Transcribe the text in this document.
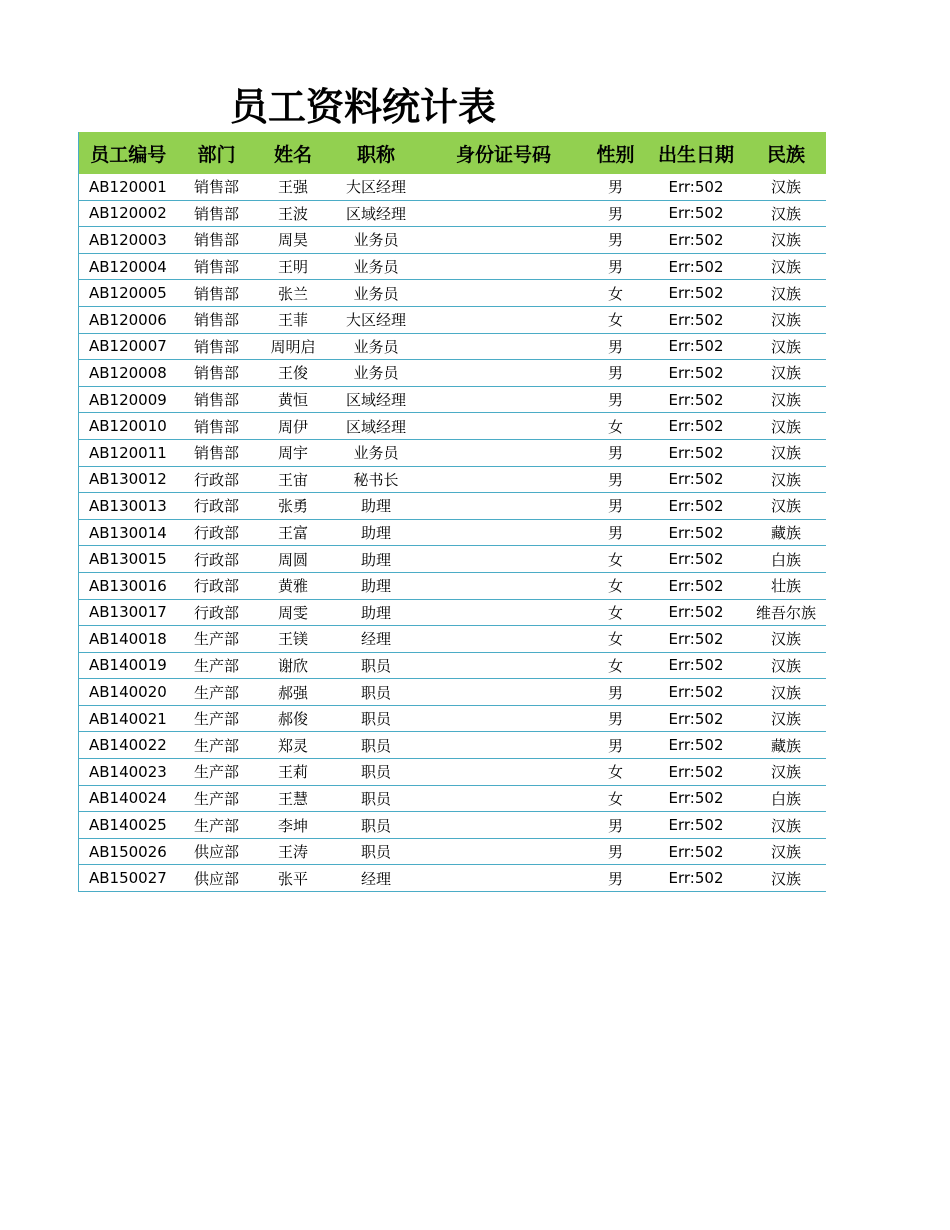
员工资料统计表
员工编号	部门	姓名	职称	身份证号码	性别	出生日期	民族
AB120001	销售部	王强	大区经理		男	Err:502	汉族
AB120002	销售部	王波	区域经理		男	Err:502	汉族
AB120003	销售部	周昊	业务员		男	Err:502	汉族
AB120004	销售部	王明	业务员		男	Err:502	汉族
AB120005	销售部	张兰	业务员		女	Err:502	汉族
AB120006	销售部	王菲	大区经理		女	Err:502	汉族
AB120007	销售部	周明启	业务员		男	Err:502	汉族
AB120008	销售部	王俊	业务员		男	Err:502	汉族
AB120009	销售部	黄恒	区域经理		男	Err:502	汉族
AB120010	销售部	周伊	区域经理		女	Err:502	汉族
AB120011	销售部	周宇	业务员		男	Err:502	汉族
AB130012	行政部	王宙	秘书长		男	Err:502	汉族
AB130013	行政部	张勇	助理		男	Err:502	汉族
AB130014	行政部	王富	助理		男	Err:502	藏族
AB130015	行政部	周圆	助理		女	Err:502	白族
AB130016	行政部	黄雅	助理		女	Err:502	壮族
AB130017	行政部	周雯	助理		女	Err:502	维吾尔族
AB140018	生产部	王镁	经理		女	Err:502	汉族
AB140019	生产部	谢欣	职员		女	Err:502	汉族
AB140020	生产部	郝强	职员		男	Err:502	汉族
AB140021	生产部	郝俊	职员		男	Err:502	汉族
AB140022	生产部	郑灵	职员		男	Err:502	藏族
AB140023	生产部	王莉	职员		女	Err:502	汉族
AB140024	生产部	王慧	职员		女	Err:502	白族
AB140025	生产部	李坤	职员		男	Err:502	汉族
AB150026	供应部	王涛	职员		男	Err:502	汉族
AB150027	供应部	张平	经理		男	Err:502	汉族
